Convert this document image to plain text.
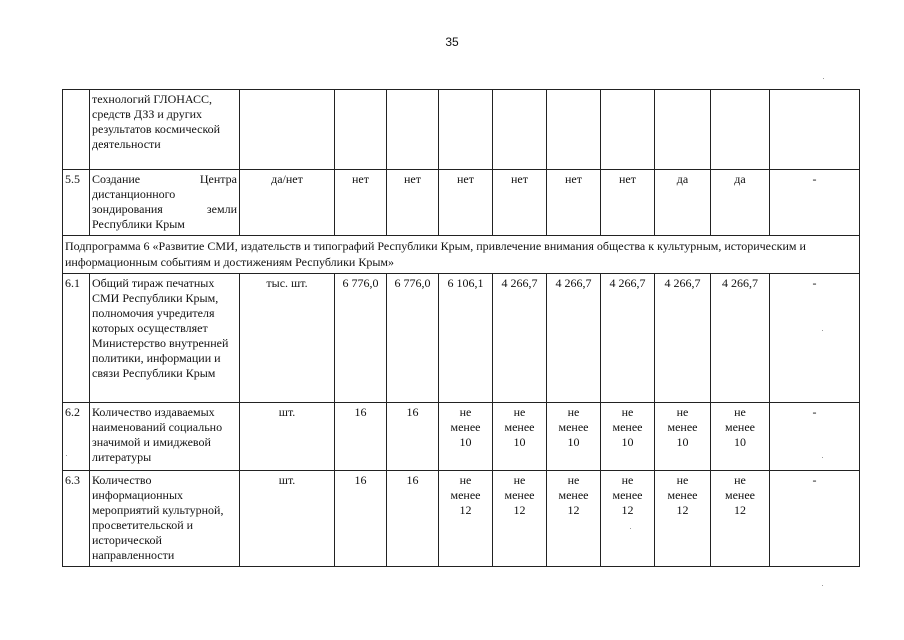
35
	технологий ГЛОНАСС, средств ДЗЗ и других результатов космической деятельности										
5.5	Создание Центра дистанционного зондирования земли Республики Крым	да/нет	нет	нет	нет	нет	нет	нет	да	да	-
Подпрограмма 6 «Развитие СМИ, издательств и типографий Республики Крым, привлечение внимания общества к культурным, историческим и информационным событиям и достижениям Республики Крым»											
6.1	Общий тираж печатных СМИ Республики Крым, полномочия учредителя которых осуществляет Министерство внутренней политики, информации и связи Республики Крым	тыс. шт.	6 776,0	6 776,0	6 106,1	4 266,7	4 266,7	4 266,7	4 266,7	4 266,7	-
6.2	Количество издаваемых наименований социально значимой и имиджевой литературы	шт.	16	16	не
менее
10	не
менее
10	не
менее
10	не
менее
10	не
менее
10	не
менее
10	-
6.3	Количество информационных мероприятий культурной, просветительской и исторической направленности	шт.	16	16	не
менее
12	не
менее
12	не
менее
12	не
менее
12	не
менее
12	не
менее
12	-
